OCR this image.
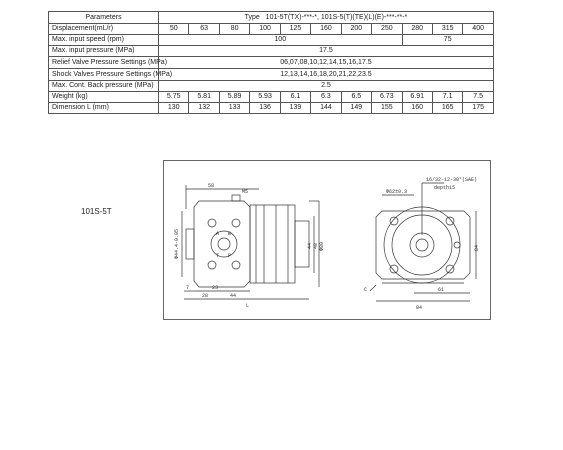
Parameters	Type 101-5T(TX)-***-*, 101S-5(T)(TE)(L)(E)-***-**-*										
Displacement(mL/r)	50	63	80	100	125	160	200	250	280	315	400
Max. input speed (rpm)	100								75		
Max. input pressure (MPa)	17.5										
Relief Valve Pressure Settings (MPa)	06,07,08,10,12,14,15,16,17.5										
Shock Valves Pressure Settings (MPa)	12,13,14,16,18,20,21,22,23.5										
Max. Cont. Back pressure (MPa)	2.5										
Weight (kg)	5.75	5.81	5.89	5.93	6.1	6.3	6.5	6.73	6.91	7.1	7.5
Dimension L (mm)	130	132	133	136	139	144	149	155	160	165	175
101S-5T
58
M5
Φ44.4-0.05	A B
T P
44 48 Φ80
7	23
28	44
L
Φ62±0.3
16/32-12-30°(SAE)
depth15
84
C	61
84
